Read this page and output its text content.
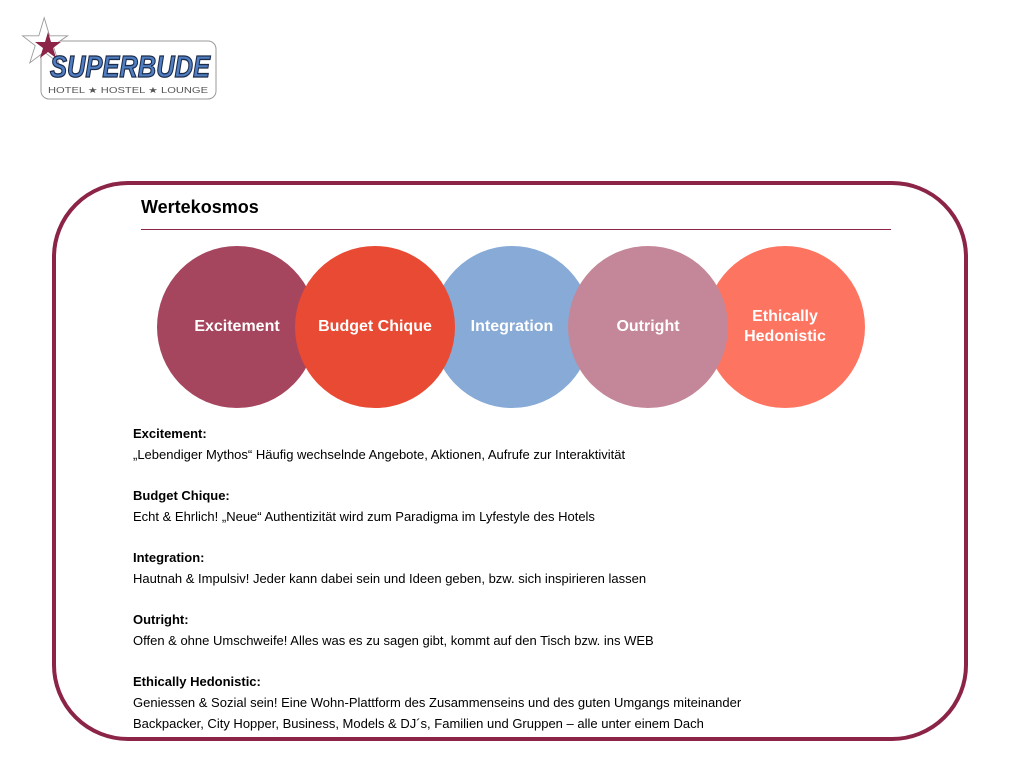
SUPERBUDE
HOTEL ★ HOSTEL ★ LOUNGE
Wertekosmos
Excitement	Budget Chique	Integration	Outright
Ethically Hedonistic
Excitement:
„Lebendiger Mythos“ Häufig wechselnde Angebote, Aktionen, Aufrufe zur Interaktivität
Budget Chique:
Echt & Ehrlich! „Neue“ Authentizität wird zum Paradigma im Lyfestyle des Hotels
Integration:
Hautnah & Impulsiv! Jeder kann dabei sein und Ideen geben, bzw. sich inspirieren lassen
Outright:
Offen & ohne Umschweife! Alles was es zu sagen gibt, kommt auf den Tisch bzw. ins WEB
Ethically Hedonistic:
Geniessen & Sozial sein! Eine Wohn-Plattform des Zusammenseins und des guten Umgangs miteinander
Backpacker, City Hopper, Business, Models & DJ´s, Familien und Gruppen – alle unter einem Dach
